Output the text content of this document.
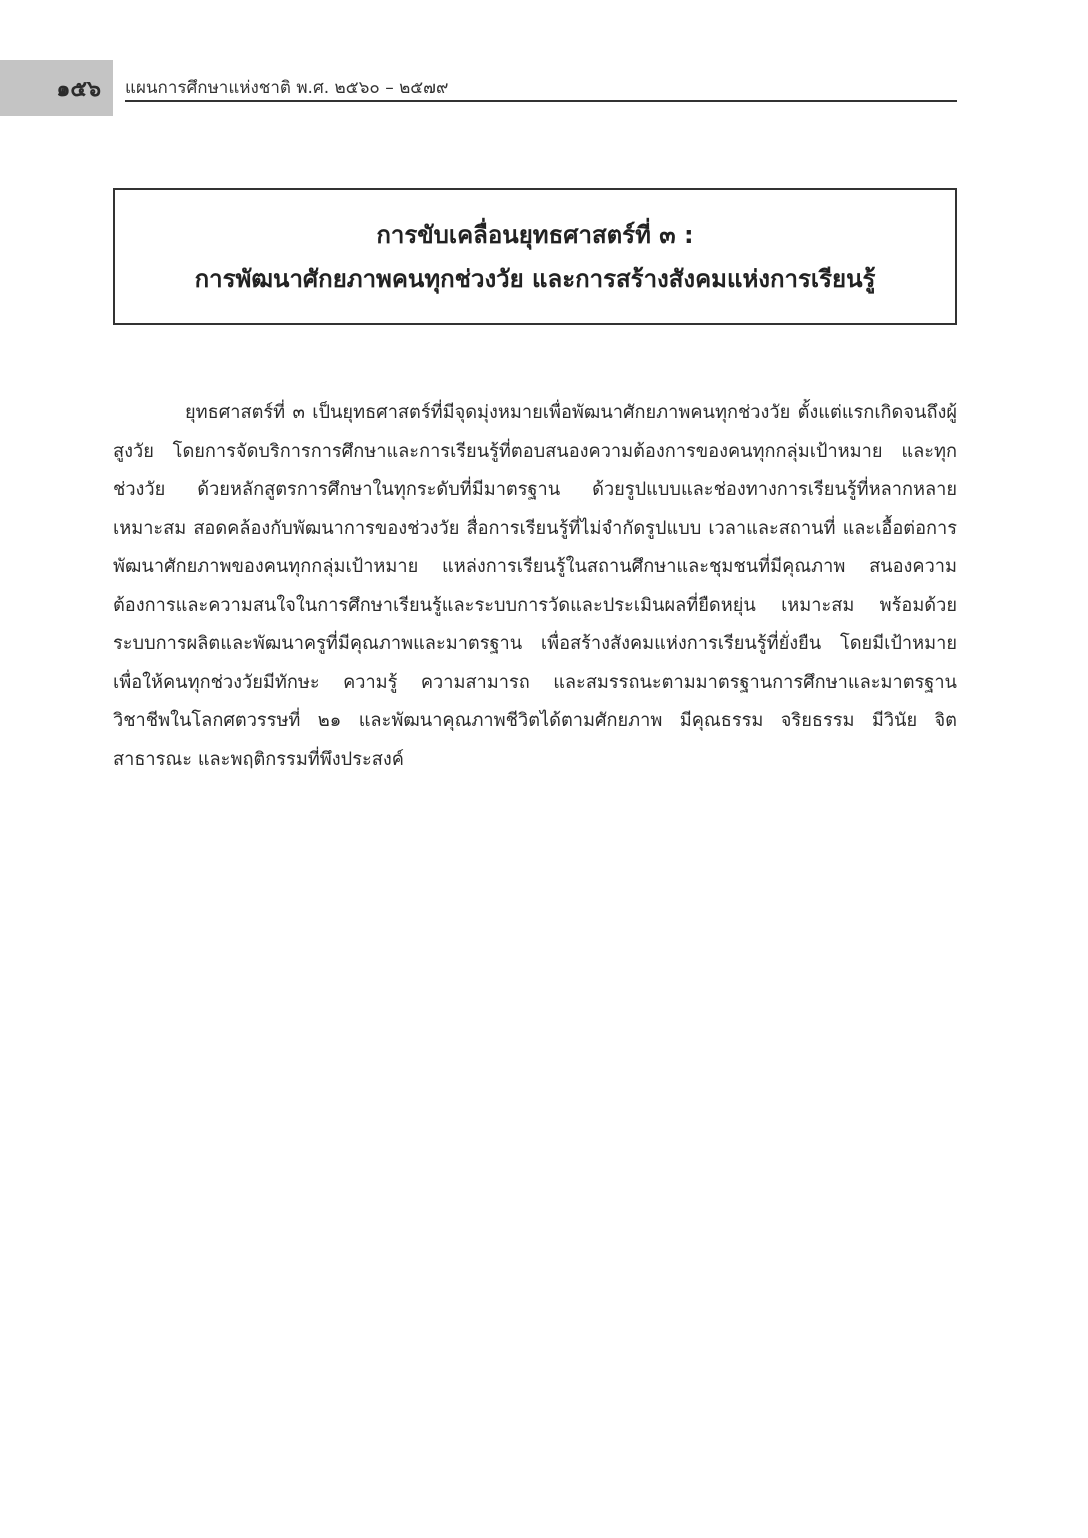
๑๕๖ แผนการศึกษาแห่งชาติ พ.ศ. ๒๕๖๐ – ๒๕๗๙
การขับเคลื่อนยุทธศาสตร์ที่ ๓ :
การพัฒนาศักยภาพคนทุกช่วงวัย และการสร้างสังคมแห่งการเรียนรู้

ยุทธศาสตร์ที่ ๓ เป็นยุทธศาสตร์ที่มีจุดมุ่งหมายเพื่อพัฒนาศักยภาพคนทุกช่วงวัย ตั้งแต่แรกเกิดจนถึงผู้สูงวัย โดยการจัดบริการการศึกษาและการเรียนรู้ที่ตอบสนองความต้องการของคนทุกกลุ่มเป้าหมาย และทุกช่วงวัย ด้วยหลักสูตรการศึกษาในทุกระดับที่มีมาตรฐาน ด้วยรูปแบบและช่องทางการเรียนรู้ที่หลากหลาย เหมาะสม สอดคล้องกับพัฒนาการของช่วงวัย สื่อการเรียนรู้ที่ไม่จำกัดรูปแบบ เวลาและสถานที่ และเอื้อต่อการพัฒนาศักยภาพของคนทุกกลุ่มเป้าหมาย แหล่งการเรียนรู้ในสถานศึกษาและชุมชนที่มีคุณภาพ สนองความต้องการและความสนใจในการศึกษาเรียนรู้และระบบการวัดและประเมินผลที่ยืดหยุ่น เหมาะสม พร้อมด้วยระบบการผลิตและพัฒนาครูที่มีคุณภาพและมาตรฐาน เพื่อสร้างสังคมแห่งการเรียนรู้ที่ยั่งยืน โดยมีเป้าหมายเพื่อให้คนทุกช่วงวัยมีทักษะ ความรู้ ความสามารถ และสมรรถนะตามมาตรฐานการศึกษาและมาตรฐานวิชาชีพในโลกศตวรรษที่ ๒๑ และพัฒนาคุณภาพชีวิตได้ตามศักยภาพ มีคุณธรรม จริยธรรม มีวินัย จิตสาธารณะ และพฤติกรรมที่พึงประสงค์
